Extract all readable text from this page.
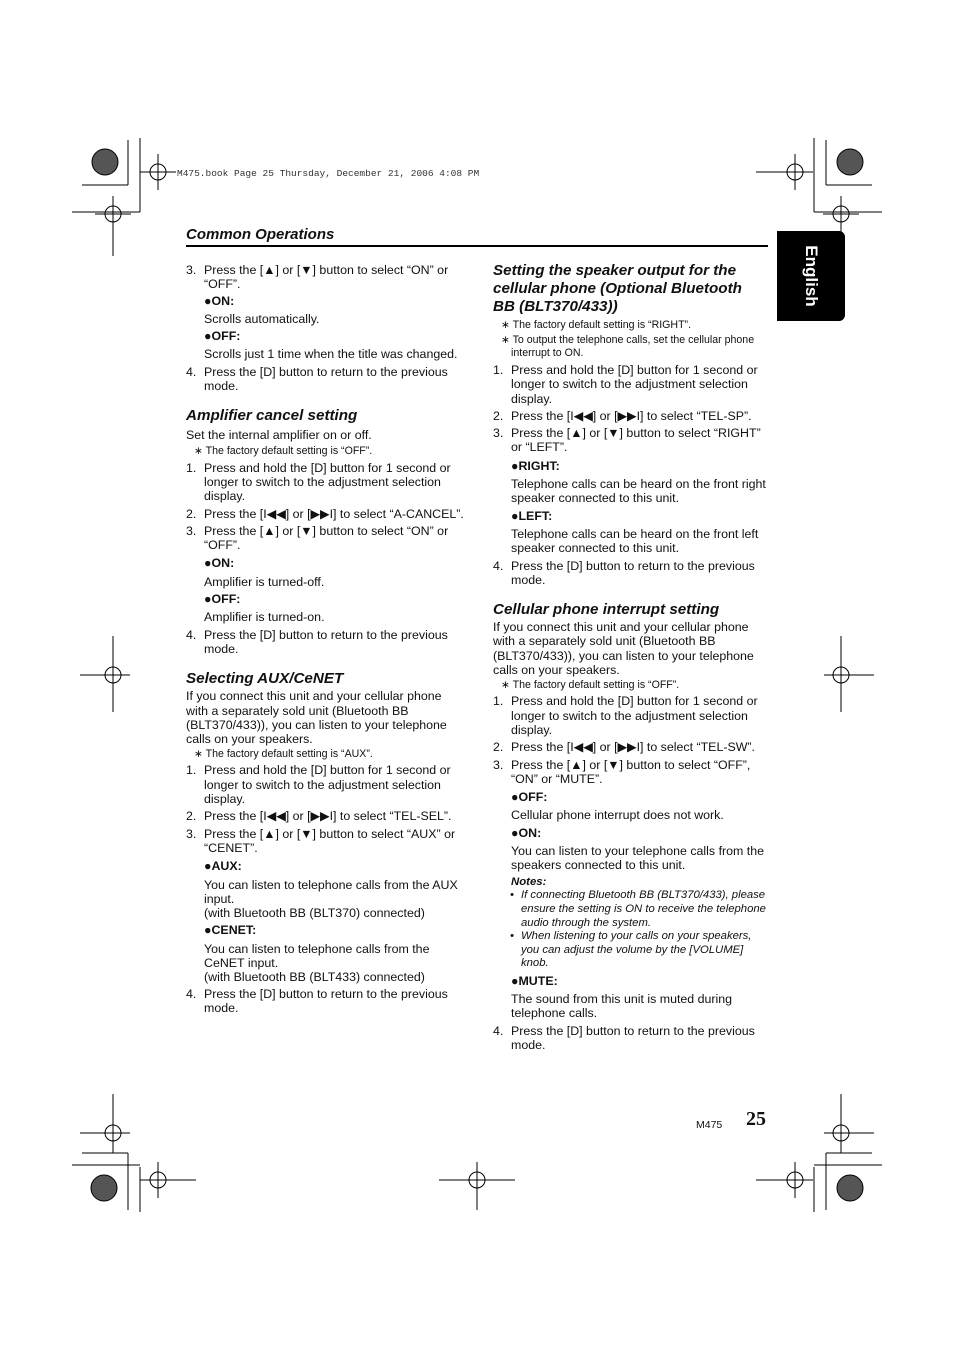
M475.book Page 25 Thursday, December 21, 2006 4:08 PM
Common Operations
English
3. Press the [▲] or [▼] button to select “ON” or “OFF”.
●ON:
Scrolls automatically.
●OFF:
Scrolls just 1 time when the title was changed.
4. Press the [D] button to return to the previous mode.
Amplifier cancel setting
Set the internal amplifier on or off.
∗ The factory default setting is “OFF”.
1. Press and hold the [D] button for 1 second or longer to switch to the adjustment selection display.
2. Press the [I◀◀] or [▶▶I] to select “A-CANCEL”.
3. Press the [▲] or [▼] button to select “ON” or “OFF”.
●ON:
Amplifier is turned-off.
●OFF:
Amplifier is turned-on.
4. Press the [D] button to return to the previous mode.
Selecting AUX/CeNET
If you connect this unit and your cellular phone with a separately sold unit (Bluetooth BB (BLT370/433)), you can listen to your telephone calls on your speakers.
∗ The factory default setting is “AUX”.
1. Press and hold the [D] button for 1 second or longer to switch to the adjustment selection display.
2. Press the [I◀◀] or [▶▶I] to select “TEL-SEL”.
3. Press the [▲] or [▼] button to select “AUX” or “CENET”.
●AUX:
You can listen to telephone calls from the AUX input.
(with Bluetooth BB (BLT370) connected)
●CENET:
You can listen to telephone calls from the CeNET input.
(with Bluetooth BB (BLT433) connected)
4. Press the [D] button to return to the previous mode.
Setting the speaker output for the cellular phone (Optional Bluetooth BB (BLT370/433))
∗ The factory default setting is “RIGHT”.
∗ To output the telephone calls, set the cellular phone interrupt to ON.
1. Press and hold the [D] button for 1 second or longer to switch to the adjustment selection display.
2. Press the [I◀◀] or [▶▶I] to select “TEL-SP”.
3. Press the [▲] or [▼] button to select “RIGHT” or “LEFT”.
●RIGHT:
Telephone calls can be heard on the front right speaker connected to this unit.
●LEFT:
Telephone calls can be heard on the front left speaker connected to this unit.
4. Press the [D] button to return to the previous mode.
Cellular phone interrupt setting
If you connect this unit and your cellular phone with a separately sold unit (Bluetooth BB (BLT370/433)), you can listen to your telephone calls on your speakers.
∗ The factory default setting is “OFF”.
1. Press and hold the [D] button for 1 second or longer to switch to the adjustment selection display.
2. Press the [I◀◀] or [▶▶I] to select “TEL-SW”.
3. Press the [▲] or [▼] button to select “OFF”, “ON” or “MUTE”.
●OFF:
Cellular phone interrupt does not work.
●ON:
You can listen to your telephone calls from the speakers connected to this unit.
Notes:
• If connecting Bluetooth BB (BLT370/433), please ensure the setting is ON to receive the telephone audio through the system.
• When listening to your calls on your speakers, you can adjust the volume by the [VOLUME] knob.
●MUTE:
The sound from this unit is muted during telephone calls.
4. Press the [D] button to return to the previous mode.
M475 25
